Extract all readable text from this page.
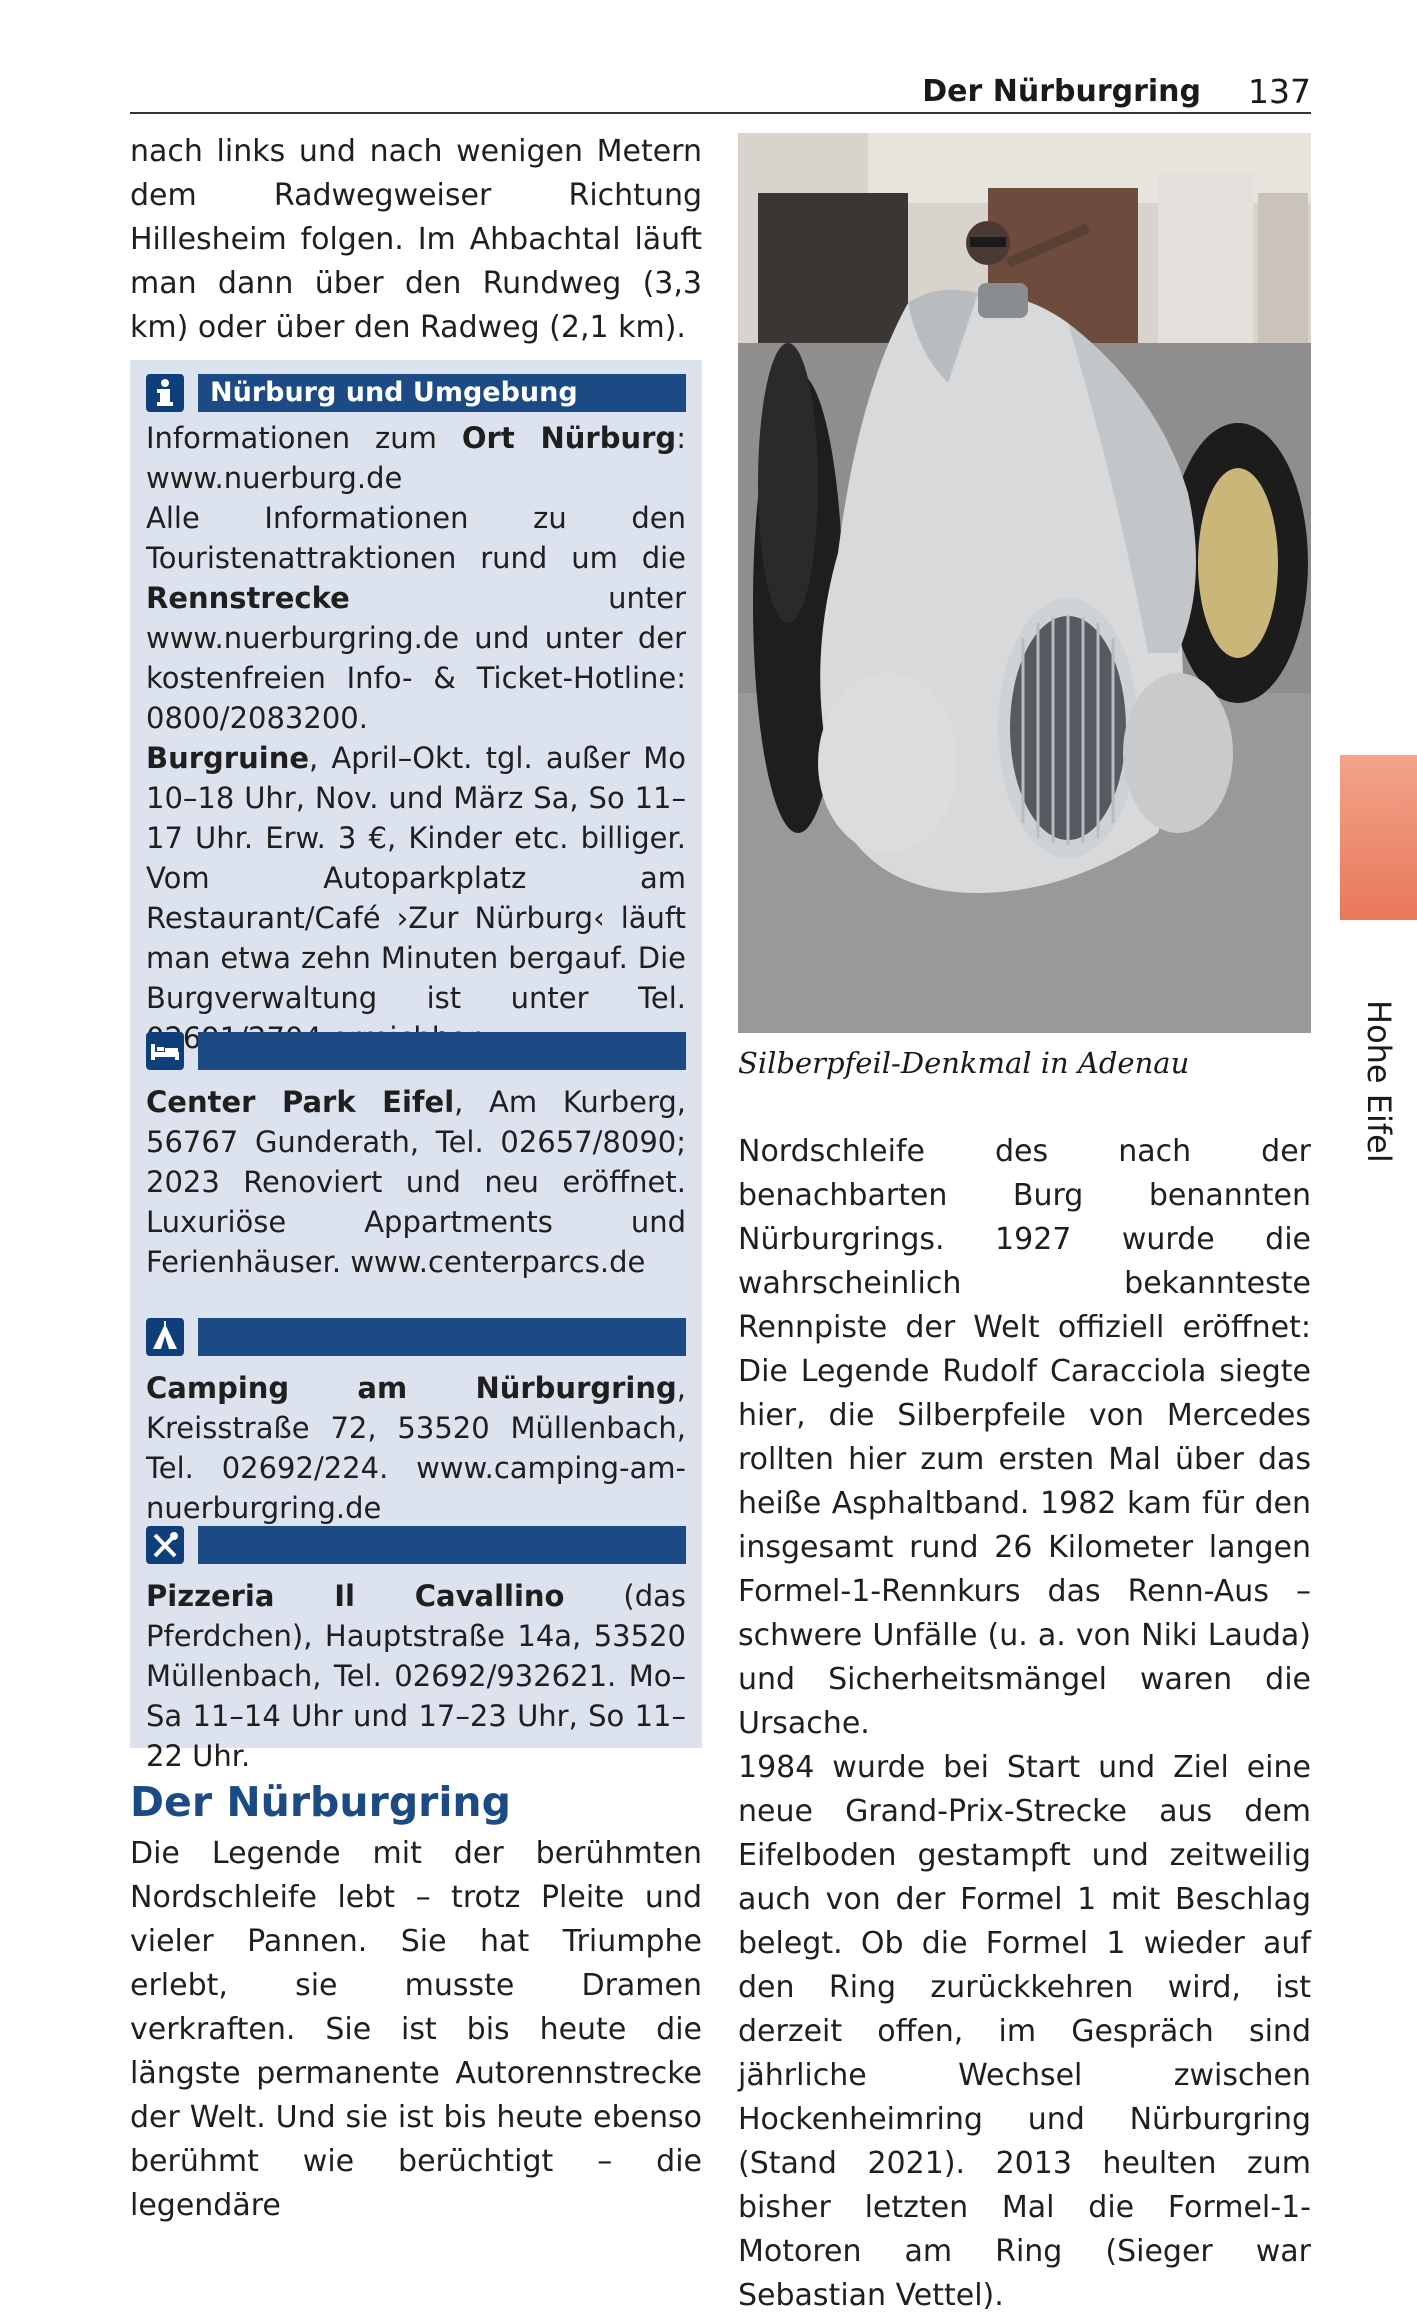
Der Nürburgring 137

nach links und nach wenigen Metern dem Radwegweiser Richtung Hillesheim folgen. Im Ahbachtal läuft man dann über den Rundweg (3,3 km) oder über den Radweg (2,1 km).

Nürburg und Umgebung

Informationen zum Ort Nürburg: www.nuerburg.de
Alle Informationen zu den Touristenattraktionen rund um die Rennstrecke unter www.nuerburgring.de und unter der kostenfreien Info- & Ticket-Hotline: 0800/2083200.
Burgruine, April–Okt. tgl. außer Mo 10–18 Uhr, Nov. und März Sa, So 11–17 Uhr. Erw. 3 €, Kinder etc. billiger. Vom Autoparkplatz am Restaurant/Café ›Zur Nürburg‹ läuft man etwa zehn Minuten bergauf. Die Burgverwaltung ist unter Tel.

Center Park Eifel, Am Kurberg, 56767 Gunderath, Tel. 02657/8090; 2023 Renoviert und neu eröffnet. Luxuriöse Appartments und Ferienhäuser. www.centerparcs.de

Camping am Nürburgring, Kreisstraße 72, 53520 Müllenbach, Tel. 02692/224. www.camping-am-nuerburgring.de

Pizzeria Il Cavallino (das Pferdchen), Hauptstraße 14a, 53520 Müllenbach, Tel. 02692/932621. Mo–Sa 11–14 Uhr und 17–23 Uhr, So 11–22 Uhr.

Der Nürburgring

Die Legende mit der berühmten Nordschleife lebt – trotz Pleite und vieler Pannen. Sie hat Triumphe erlebt, sie musste Dramen verkraften. Sie ist bis heute die längste permanente Autorennstrecke der Welt. Und sie ist bis heute ebenso berühmt wie berüchtigt – die legendäre

Silberpfeil-Denkmal in Adenau

Nordschleife des nach der benachbarten Burg benannten Nürburgrings. 1927 wurde die wahrscheinlich bekannteste Rennpiste der Welt offiziell eröffnet: Die Legende Rudolf Caracciola siegte hier, die Silberpfeile von Mercedes rollten hier zum ersten Mal über das heiße Asphaltband. 1982 kam für den insgesamt rund 26 Kilometer langen Formel-1-Rennkurs das Renn-Aus – schwere Unfälle (u. a. von Niki Lauda) und Sicherheitsmängel waren die Ursache.

1984 wurde bei Start und Ziel eine neue Grand-Prix-Strecke aus dem Eifelboden gestampft und zeitweilig auch von der Formel 1 mit Beschlag belegt. Ob die Formel 1 wieder auf den Ring zurückkehren wird, ist derzeit offen, im Gespräch sind jährliche Wechsel zwischen Hockenheimring und Nürburgring (Stand 2021). 2013 heulten zum bisher letzten Mal die Formel-1-Motoren am Ring (Sieger war Sebastian Vettel).

Hohe Eifel
